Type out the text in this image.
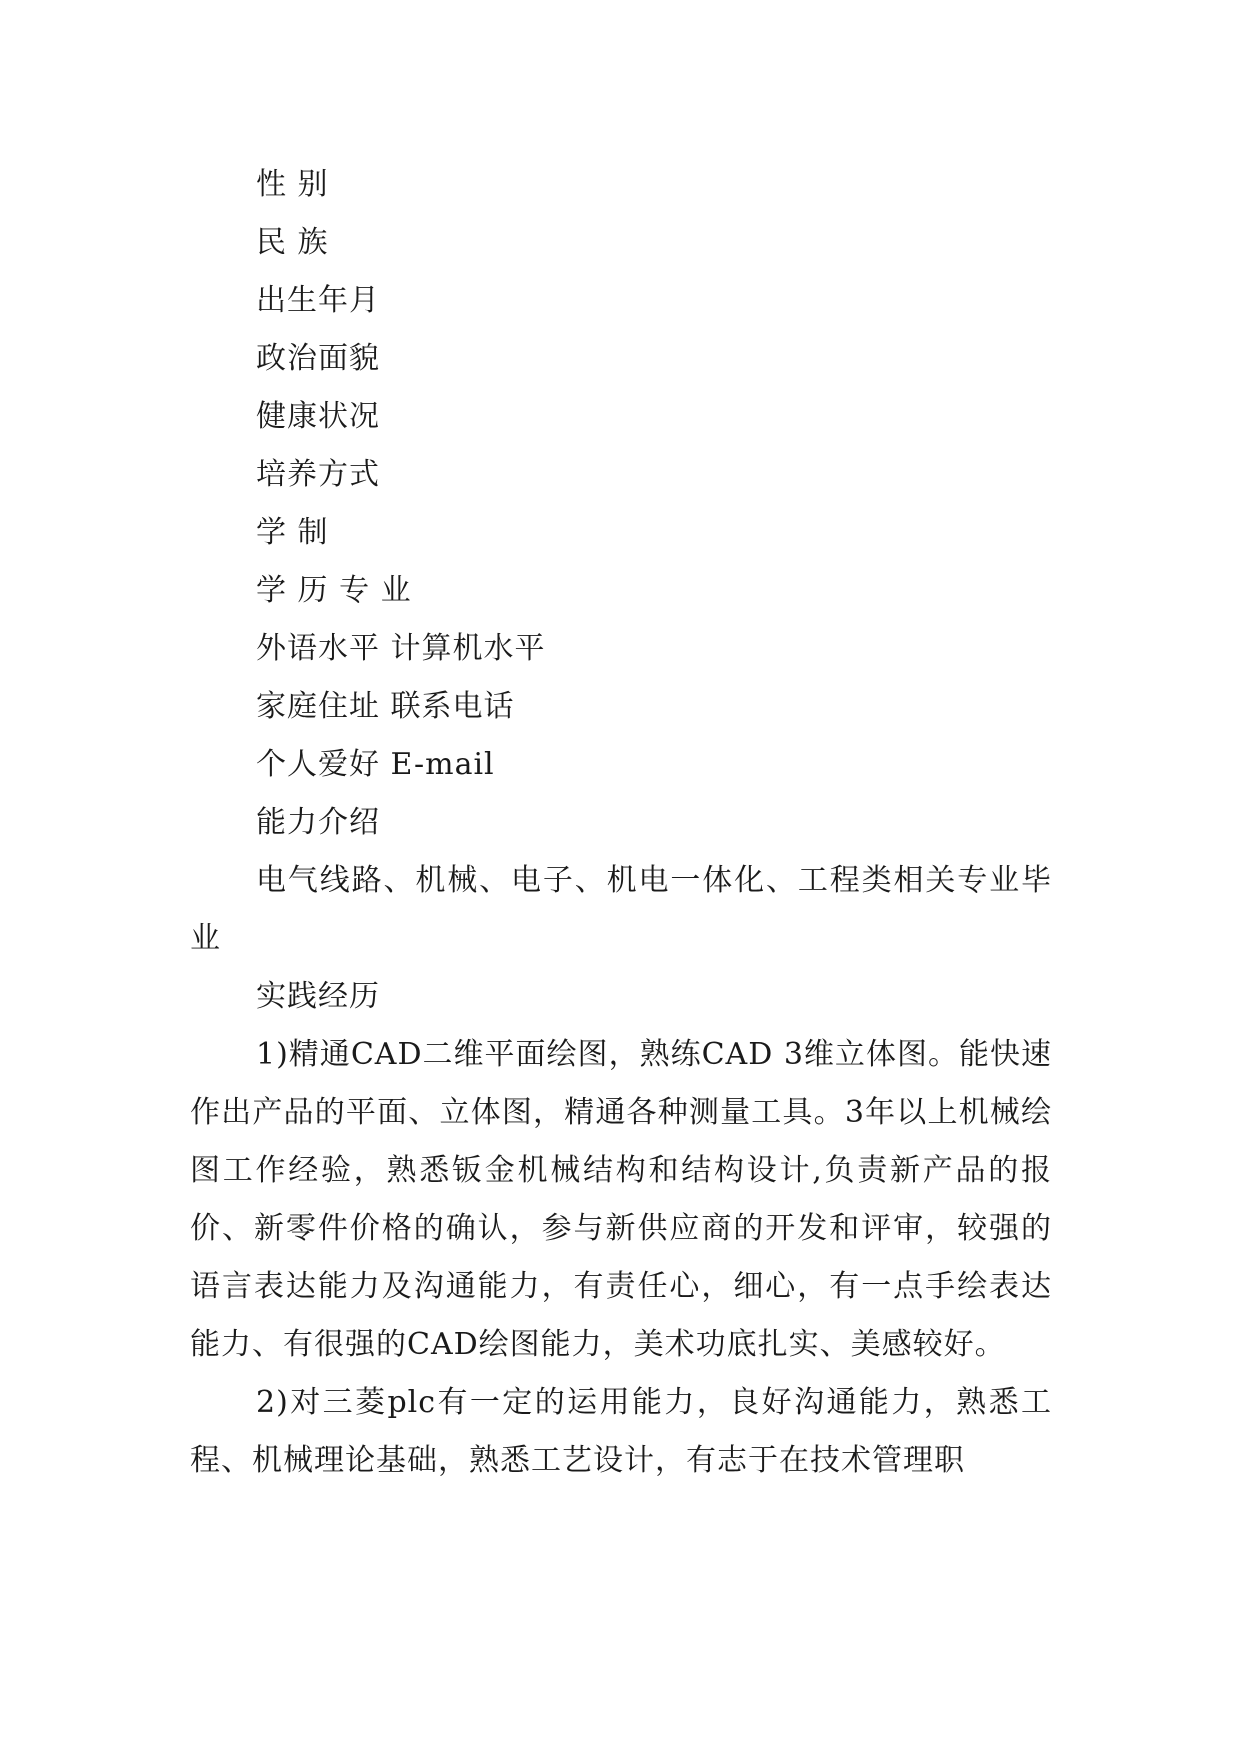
性 别
民 族
出生年月
政治面貌
健康状况
培养方式
学 制
学 历 专 业
外语水平 计算机水平
家庭住址 联系电话
个人爱好 E-mail
能力介绍

电气线路、机械、电子、机电一体化、工程类相关专业毕业

实践经历

1)精通CAD二维平面绘图，熟练CAD 3维立体图。能快速作出产品的平面、立体图，精通各种测量工具。3年以上机械绘图工作经验，熟悉钣金机械结构和结构设计,负责新产品的报价、新零件价格的确认，参与新供应商的开发和评审，较强的语言表达能力及沟通能力，有责任心，细心，有一点手绘表达能力、有很强的CAD绘图能力，美术功底扎实、美感较好。

2)对三菱plc有一定的运用能力，良好沟通能力，熟悉工程、机械理论基础，熟悉工艺设计，有志于在技术管理职
